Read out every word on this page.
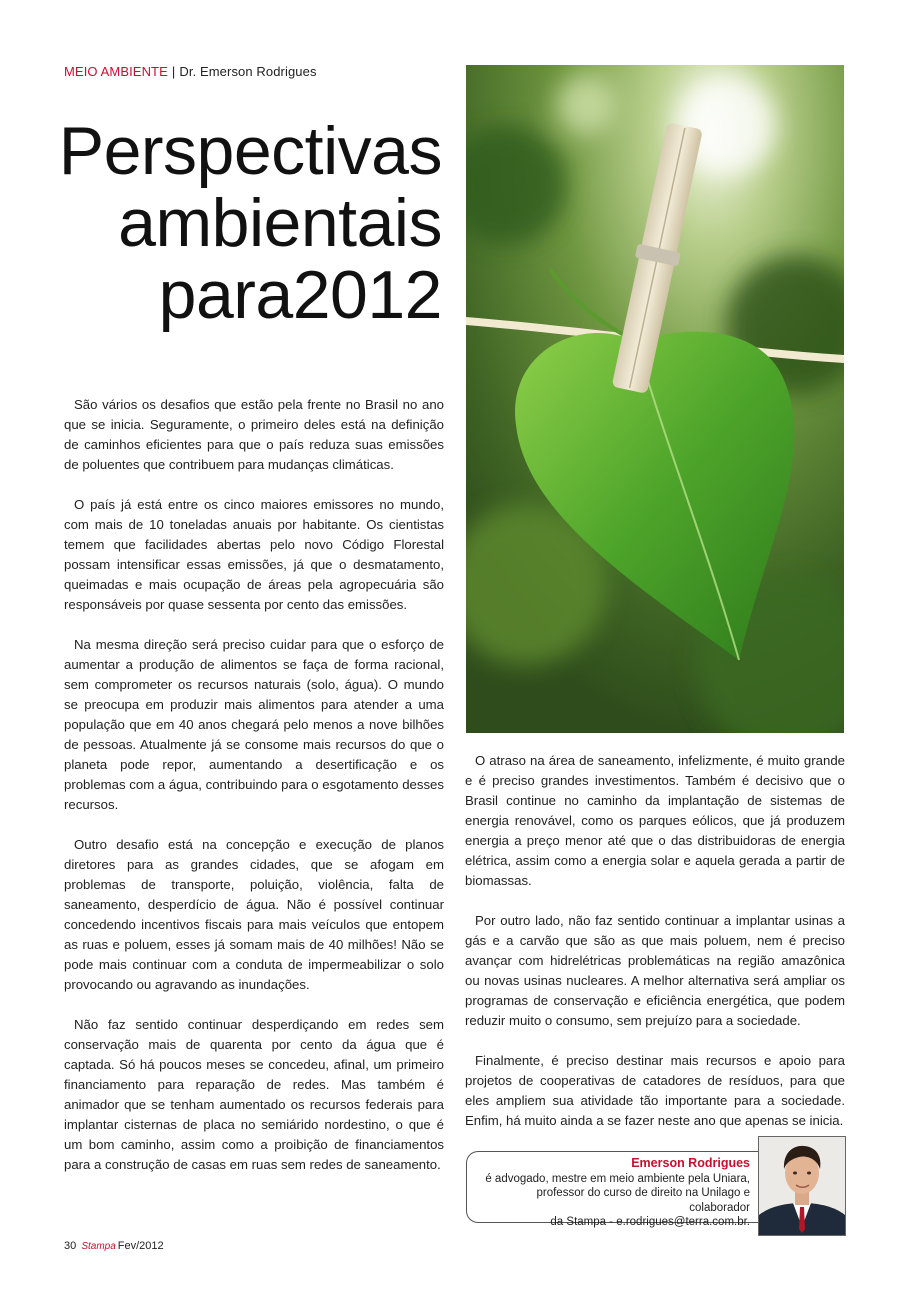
MEIO AMBIENTE | Dr. Emerson Rodrigues
Perspectivas
ambientais
para2012

São vários os desafios que estão pela frente no Brasil no ano que se inicia. Seguramente, o primeiro deles está na definição de caminhos eficientes para que o país reduza suas emissões de poluentes que contribuem para mudanças climáticas.

O país já está entre os cinco maiores emissores no mundo, com mais de 10 toneladas anuais por habitante. Os cientistas temem que facilidades abertas pelo novo Código Florestal possam intensificar essas emissões, já que o desmatamento, queimadas e mais ocupação de áreas pela agropecuária são responsáveis por quase sessenta por cento das emissões.

Na mesma direção será preciso cuidar para que o esforço de aumentar a produção de alimentos se faça de forma racional, sem comprometer os recursos naturais (solo, água). O mundo se preocupa em produzir mais alimentos para atender a uma população que em 40 anos chegará pelo menos a nove bilhões de pessoas. Atualmente já se consome mais recursos do que o planeta pode repor, aumentando a desertificação e os problemas com a água, contribuindo para o esgotamento desses recursos.

Outro desafio está na concepção e execução de planos diretores para as grandes cidades, que se afogam em problemas de transporte, poluição, violência, falta de saneamento, desperdício de água. Não é possível continuar concedendo incentivos fiscais para mais veículos que entopem as ruas e poluem, esses já somam mais de 40 milhões! Não se pode mais continuar com a conduta de impermeabilizar o solo provocando ou agravando as inundações.

Não faz sentido continuar desperdiçando em redes sem conservação mais de quarenta por cento da água que é captada. Só há poucos meses se concedeu, afinal, um primeiro financiamento para reparação de redes. Mas também é animador que se tenham aumentado os recursos federais para implantar cisternas de placa no semiárido nordestino, o que é um bom caminho, assim como a proibição de financiamentos para a construção de casas em ruas sem redes de saneamento.

O atraso na área de saneamento, infelizmente, é muito grande e é preciso grandes investimentos. Também é decisivo que o Brasil continue no caminho da implantação de sistemas de energia renovável, como os parques eólicos, que já produzem energia a preço menor até que o das distribuidoras de energia elétrica, assim como a energia solar e aquela gerada a partir de biomassas.

Por outro lado, não faz sentido continuar a implantar usinas a gás e a carvão que são as que mais poluem, nem é preciso avançar com hidrelétricas problemáticas na região amazônica ou novas usinas nucleares. A melhor alternativa será ampliar os programas de conservação e eficiência energética, que podem reduzir muito o consumo, sem prejuízo para a sociedade.

Finalmente, é preciso destinar mais recursos e apoio para projetos de cooperativas de catadores de resíduos, para que eles ampliem sua atividade tão importante para a sociedade. Enfim, há muito ainda a se fazer neste ano que apenas se inicia.

Emerson Rodrigues
é advogado, mestre em meio ambiente pela Uniara,
professor do curso de direito na Unilago e colaborador
da Stampa - e.rodrigues@terra.com.br.
30 Stampa Fev/2012
